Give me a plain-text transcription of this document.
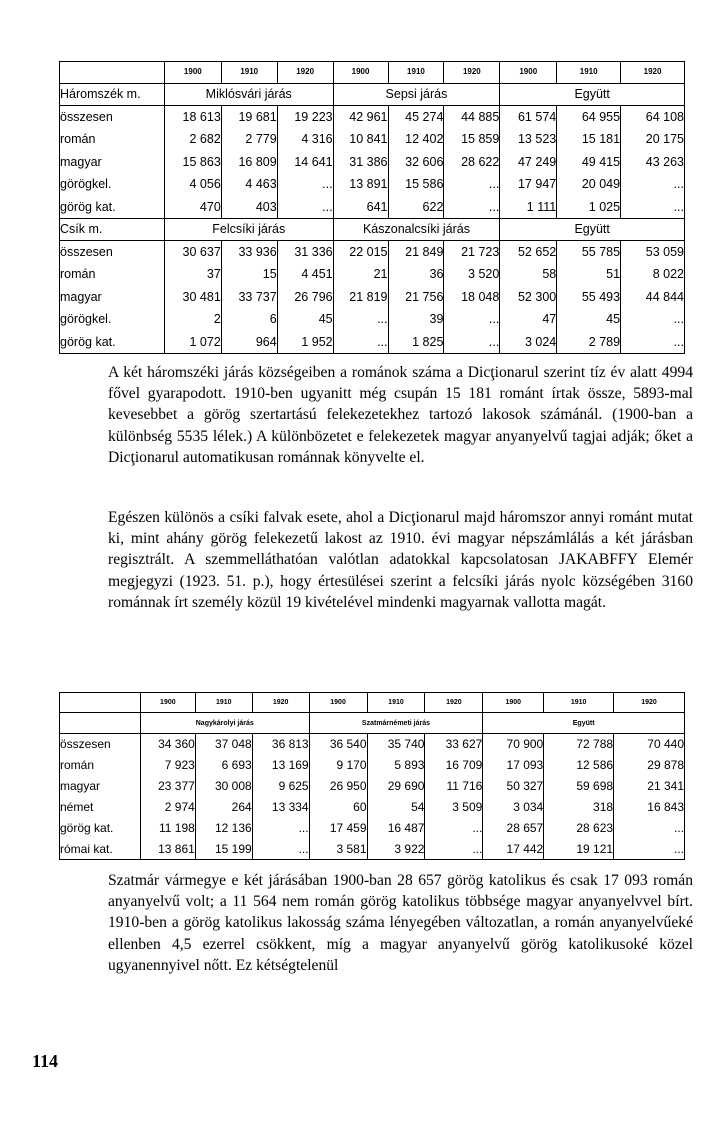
	1900	1910	1920	1900	1910	1920	1900	1910	1920
Háromszék m.	Miklósvári járás			Sepsi járás			Együtt		
összesen	18 613	19 681	19 223	42 961	45 274	44 885	61 574	64 955	64 108
román	2 682	2 779	4 316	10 841	12 402	15 859	13 523	15 181	20 175
magyar	15 863	16 809	14 641	31 386	32 606	28 622	47 249	49 415	43 263
görögkel.	4 056	4 463	...	13 891	15 586	...	17 947	20 049	...
görög kat.	470	403	...	641	622	...	1 111	1 025	...
Csík m.	Felcsíki járás			Kászonalcsíki járás			Együtt		
összesen	30 637	33 936	31 336	22 015	21 849	21 723	52 652	55 785	53 059
román	37	15	4 451	21	36	3 520	58	51	8 022
magyar	30 481	33 737	26 796	21 819	21 756	18 048	52 300	55 493	44 844
görögkel.	2	6	45	...	39	...	47	45	...
görög kat.	1 072	964	1 952	...	1 825	...	3 024	2 789	...

A két háromszéki járás községeiben a románok száma a Dicţionarul szerint tíz év alatt 4994 fővel gyarapodott. 1910-ben ugyanitt még csupán 15 181 románt írtak össze, 5893-mal kevesebbet a görög szertartású felekezetekhez tartozó lakosok számánál. (1900-ban a különbség 5535 lélek.) A különbözetet e felekezetek magyar anyanyelvű tagjai adják; őket a Dicţionarul automatikusan románnak könyvelte el.

Egészen különös a csíki falvak esete, ahol a Dicţionarul majd háromszor annyi románt mutat ki, mint ahány görög felekezetű lakost az 1910. évi magyar népszámlálás a két járásban regisztrált. A szemmelláthatóan valótlan adatokkal kapcsolatosan JAKABFFY Elemér megjegyzi (1923. 51. p.), hogy értesülései szerint a felcsíki járás nyolc községében 3160 románnak írt személy közül 19 kivételével mindenki magyarnak vallotta magát.

	1900	1910	1920	1900	1910	1920	1900	1910	1920
	Nagykárolyi járás			Szatmárnémeti járás			Együtt		
összesen	34 360	37 048	36 813	36 540	35 740	33 627	70 900	72 788	70 440
román	7 923	6 693	13 169	9 170	5 893	16 709	17 093	12 586	29 878
magyar	23 377	30 008	9 625	26 950	29 690	11 716	50 327	59 698	21 341
német	2 974	264	13 334	60	54	3 509	3 034	318	16 843
görög kat.	11 198	12 136	...	17 459	16 487	...	28 657	28 623	...
római kat.	13 861	15 199	...	3 581	3 922	...	17 442	19 121	...

Szatmár vármegye e két járásában 1900-ban 28 657 görög katolikus és csak 17 093 román anyanyelvű volt; a 11 564 nem román görög katolikus többsége magyar anyanyelvvel bírt. 1910-ben a görög katolikus lakosság száma lényegében változatlan, a román anyanyelvűeké ellenben 4,5 ezerrel csökkent, míg a magyar anyanyelvű görög katolikusoké közel ugyanennyivel nőtt. Ez kétségtelenül

114
